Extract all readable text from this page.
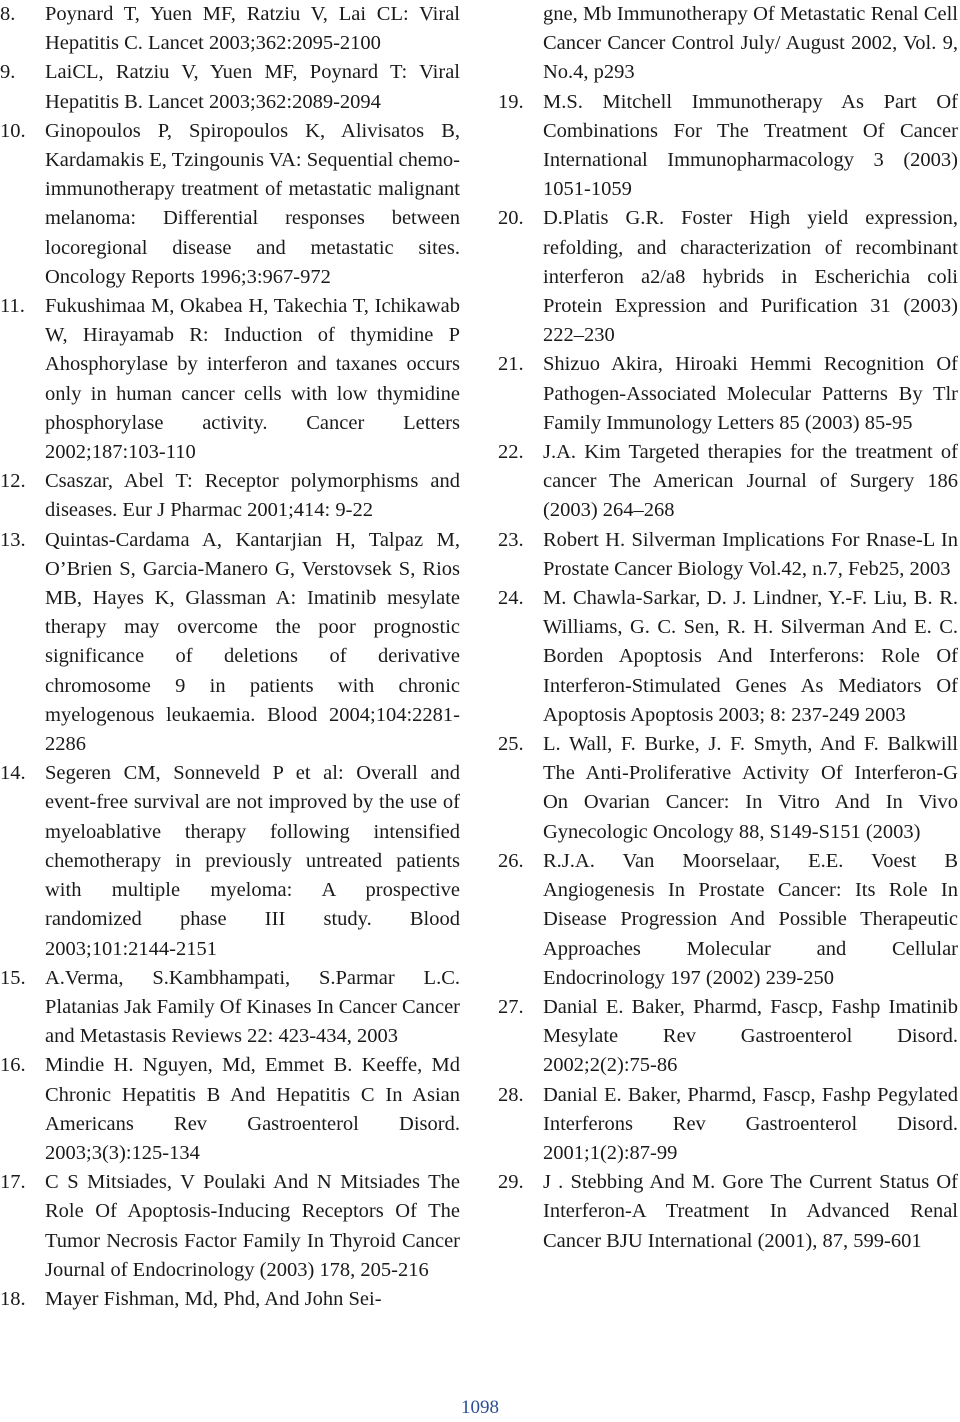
8. Poynard T, Yuen MF, Ratziu V, Lai CL: Viral Hepatitis C. Lancet 2003;362:2095-2100
9. LaiCL, Ratziu V, Yuen MF, Poynard T: Viral Hepatitis B. Lancet 2003;362:2089-2094
10. Ginopoulos P, Spiropoulos K, Alivisatos B, Kardamakis E, Tzingounis VA: Sequential chemo-immunotherapy treatment of metastatic malignant melanoma: Differential responses between locoregional disease and metastatic sites. Oncology Reports 1996;3:967-972
11. Fukushimaa M, Okabea H, Takechia T, Ichikawab W, Hirayamab R: Induction of thymidine P Ahosphorylase by interferon and taxanes occurs only in human cancer cells with low thymidine phosphorylase activity. Cancer Letters 2002;187:103-110
12. Csaszar, Abel T: Receptor polymorphisms and diseases. Eur J Pharmac 2001;414: 9-22
13. Quintas-Cardama A, Kantarjian H, Talpaz M, O’Brien S, Garcia-Manero G, Verstovsek S, Rios MB, Hayes K, Glassman A: Imatinib mesylate therapy may overcome the poor prognostic significance of deletions of derivative chromosome 9 in patients with chronic myelogenous leukaemia. Blood 2004;104:2281-2286
14. Segeren CM, Sonneveld P et al: Overall and event-free survival are not improved by the use of myeloablative therapy following intensified chemotherapy in previously untreated patients with multiple myeloma: A prospective randomized phase III study. Blood 2003;101:2144-2151
15. A.Verma, S.Kambhampati, S.Parmar L.C. Platanias Jak Family Of Kinases In Cancer Cancer and Metastasis Reviews 22: 423-434, 2003
16. Mindie H. Nguyen, Md, Emmet B. Keeffe, Md Chronic Hepatitis B And Hepatitis C In Asian Americans Rev Gastroenterol Disord. 2003;3(3):125-134
17. C S Mitsiades, V Poulaki And N Mitsiades The Role Of Apoptosis-Inducing Receptors Of The Tumor Necrosis Factor Family In Thyroid Cancer Journal of Endocrinology (2003) 178, 205-216
18. Mayer Fishman, Md, Phd, And John Sei-
gne, Mb Immunotherapy Of Metastatic Renal Cell Cancer Cancer Control July/ August 2002, Vol. 9, No.4, p293
19. M.S. Mitchell Immunotherapy As Part Of Combinations For The Treatment Of Cancer International Immunopharmacology 3 (2003) 1051-1059
20. D.Platis G.R. Foster High yield expression, refolding, and characterization of recombinant interferon a2/a8 hybrids in Escherichia coli Protein Expression and Purification 31 (2003) 222–230
21. Shizuo Akira, Hiroaki Hemmi Recognition Of Pathogen-Associated Molecular Patterns By Tlr Family Immunology Letters 85 (2003) 85-95
22. J.A. Kim Targeted therapies for the treatment of cancer The American Journal of Surgery 186 (2003) 264–268
23. Robert H. Silverman Implications For Rnase-L In Prostate Cancer Biology Vol.42, n.7, Feb25, 2003
24. M. Chawla-Sarkar, D. J. Lindner, Y.-F. Liu, B. R. Williams, G. C. Sen, R. H. Silverman And E. C. Borden Apoptosis And Interferons: Role Of Interferon-Stimulated Genes As Mediators Of Apoptosis Apoptosis 2003; 8: 237-249 2003
25. L. Wall, F. Burke, J. F. Smyth, And F. Balkwill The Anti-Proliferative Activity Of Interferon-G On Ovarian Cancer: In Vitro And In Vivo Gynecologic Oncology 88, S149-S151 (2003)
26. R.J.A. Van Moorselaar, E.E. Voest B Angiogenesis In Prostate Cancer: Its Role In Disease Progression And Possible Therapeutic Approaches Molecular and Cellular Endocrinology 197 (2002) 239-250
27. Danial E. Baker, Pharmd, Fascp, Fashp Imatinib Mesylate Rev Gastroenterol Disord. 2002;2(2):75-86
28. Danial E. Baker, Pharmd, Fascp, Fashp Pegylated Interferons Rev Gastroenterol Disord. 2001;1(2):87-99
29. J . Stebbing And M. Gore The Current Status Of Interferon-A Treatment In Advanced Renal Cancer BJU International (2001), 87, 599-601
1098
